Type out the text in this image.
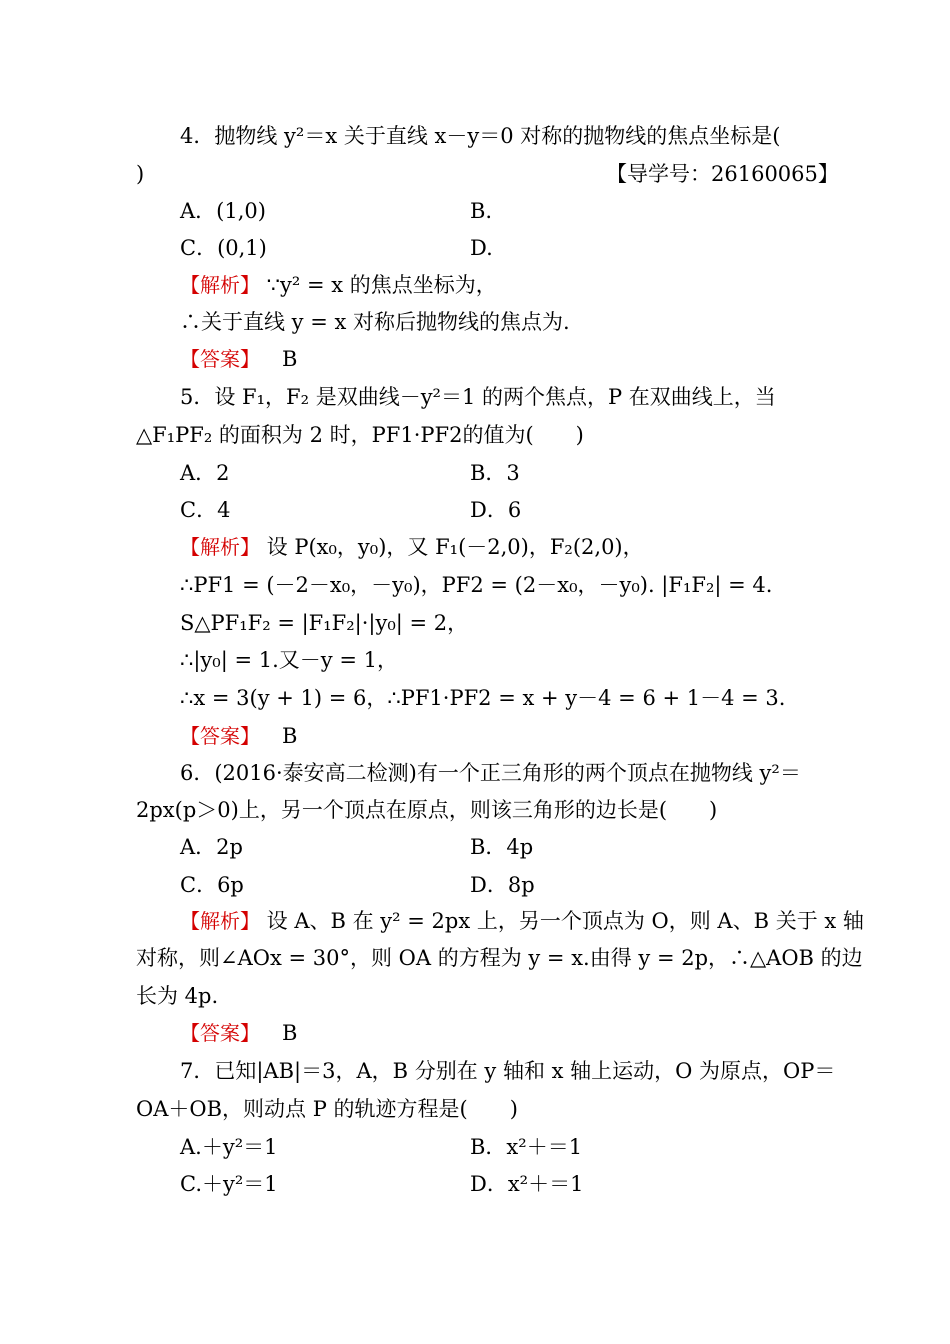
4．抛物线 y²＝x 关于直线 x－y＝0 对称的抛物线的焦点坐标是(
)	【导学号：26160065】
A．(1,0)	B.
C．(0,1)	D.
【解析】 ∵y² = x 的焦点坐标为，
∴关于直线 y = x 对称后抛物线的焦点为.
【答案】 B
5．设 F₁，F₂ 是双曲线－y²＝1 的两个焦点，P 在双曲线上，当
△F₁PF₂ 的面积为 2 时，PF1·PF2的值为(　　)
A．2	B．3
C．4	D．6
【解析】 设 P(x₀，y₀)，又 F₁(－2,0)，F₂(2,0)，
∴PF1 = (－2－x₀，－y₀)，PF2 = (2－x₀，－y₀). |F₁F₂| = 4.
S△PF₁F₂ = |F₁F₂|·|y₀| = 2，
∴|y₀| = 1.又－y = 1，
∴x = 3(y + 1) = 6，∴PF1·PF2 = x + y－4 = 6 + 1－4 = 3.
【答案】 B
6．(2016·泰安高二检测)有一个正三角形的两个顶点在抛物线 y²＝
2px(p＞0)上，另一个顶点在原点，则该三角形的边长是(　　)
A．2p	B．4p
C．6p	D．8p
【解析】 设 A、B 在 y² = 2px 上，另一个顶点为 O，则 A、B 关于 x 轴
对称，则∠AOx = 30°，则 OA 的方程为 y = x.由得 y = 2p，∴△AOB 的边
长为 4p.
【答案】 B
7．已知|AB|＝3，A，B 分别在 y 轴和 x 轴上运动，O 为原点，OP＝
OA＋OB，则动点 P 的轨迹方程是(　　)
A.＋y²＝1	B．x²＋＝1
C.＋y²＝1	D．x²＋＝1
